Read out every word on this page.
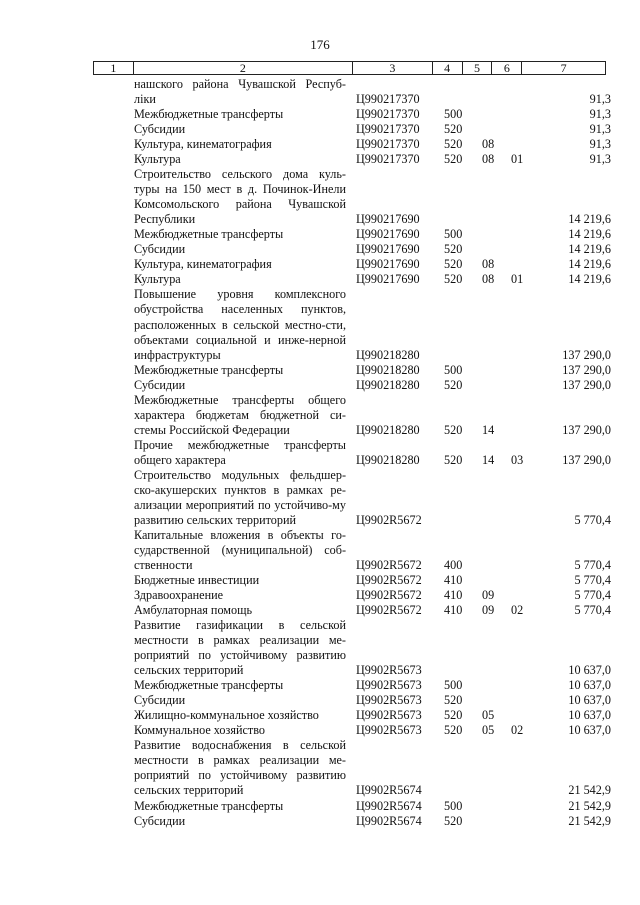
176
1	2	3	4	5	6	7
нашского района Чувашской Респуб-ліки	Ц990217370	91,3
Межбюджетные трансферты	Ц990217370 500	91,3
Субсидии	Ц990217370 520	91,3
Культура, кинематография	Ц990217370 520 08	91,3
Культура	Ц990217370 520 08 01	91,3
Строительство сельского дома куль-туры на 150 мест в д. Починок-Инели Комсомольского района Чувашской Республики	Ц990217690	14 219,6
Межбюджетные трансферты	Ц990217690 500	14 219,6
Субсидии	Ц990217690 520	14 219,6
Культура, кинематография	Ц990217690 520 08	14 219,6
Культура	Ц990217690 520 08 01	14 219,6
Повышение уровня комплексного обустройства населенных пунктов, расположенных в сельской местно-сти, объектами социальной и инже-нерной инфраструктуры	Ц990218280	137 290,0
Межбюджетные трансферты	Ц990218280 500	137 290,0
Субсидии	Ц990218280 520	137 290,0
Межбюджетные трансферты общего характера бюджетам бюджетной си-стемы Российской Федерации	Ц990218280 520 14	137 290,0
Прочие межбюджетные трансферты общего характера	Ц990218280 520 14 03	137 290,0
Строительство модульных фельдшер-ско-акушерских пунктов в рамках ре-ализации мероприятий по устойчиво-му развитию сельских территорий	Ц9902R5672	5 770,4
Капитальные вложения в объекты го-сударственной (муниципальной) соб-ственности	Ц9902R5672 400	5 770,4
Бюджетные инвестиции	Ц9902R5672 410	5 770,4
Здравоохранение	Ц9902R5672 410 09	5 770,4
Амбулаторная помощь	Ц9902R5672 410 09 02	5 770,4
Развитие газификации в сельской местности в рамках реализации ме-роприятий по устойчивому развитию сельских территорий	Ц9902R5673	10 637,0
Межбюджетные трансферты	Ц9902R5673 500	10 637,0
Субсидии	Ц9902R5673 520	10 637,0
Жилищно-коммунальное хозяйство	Ц9902R5673 520 05	10 637,0
Коммунальное хозяйство	Ц9902R5673 520 05 02	10 637,0
Развитие водоснабжения в сельской местности в рамках реализации ме-роприятий по устойчивому развитию сельских территорий	Ц9902R5674	21 542,9
Межбюджетные трансферты	Ц9902R5674 500	21 542,9
Субсидии	Ц9902R5674 520	21 542,9
